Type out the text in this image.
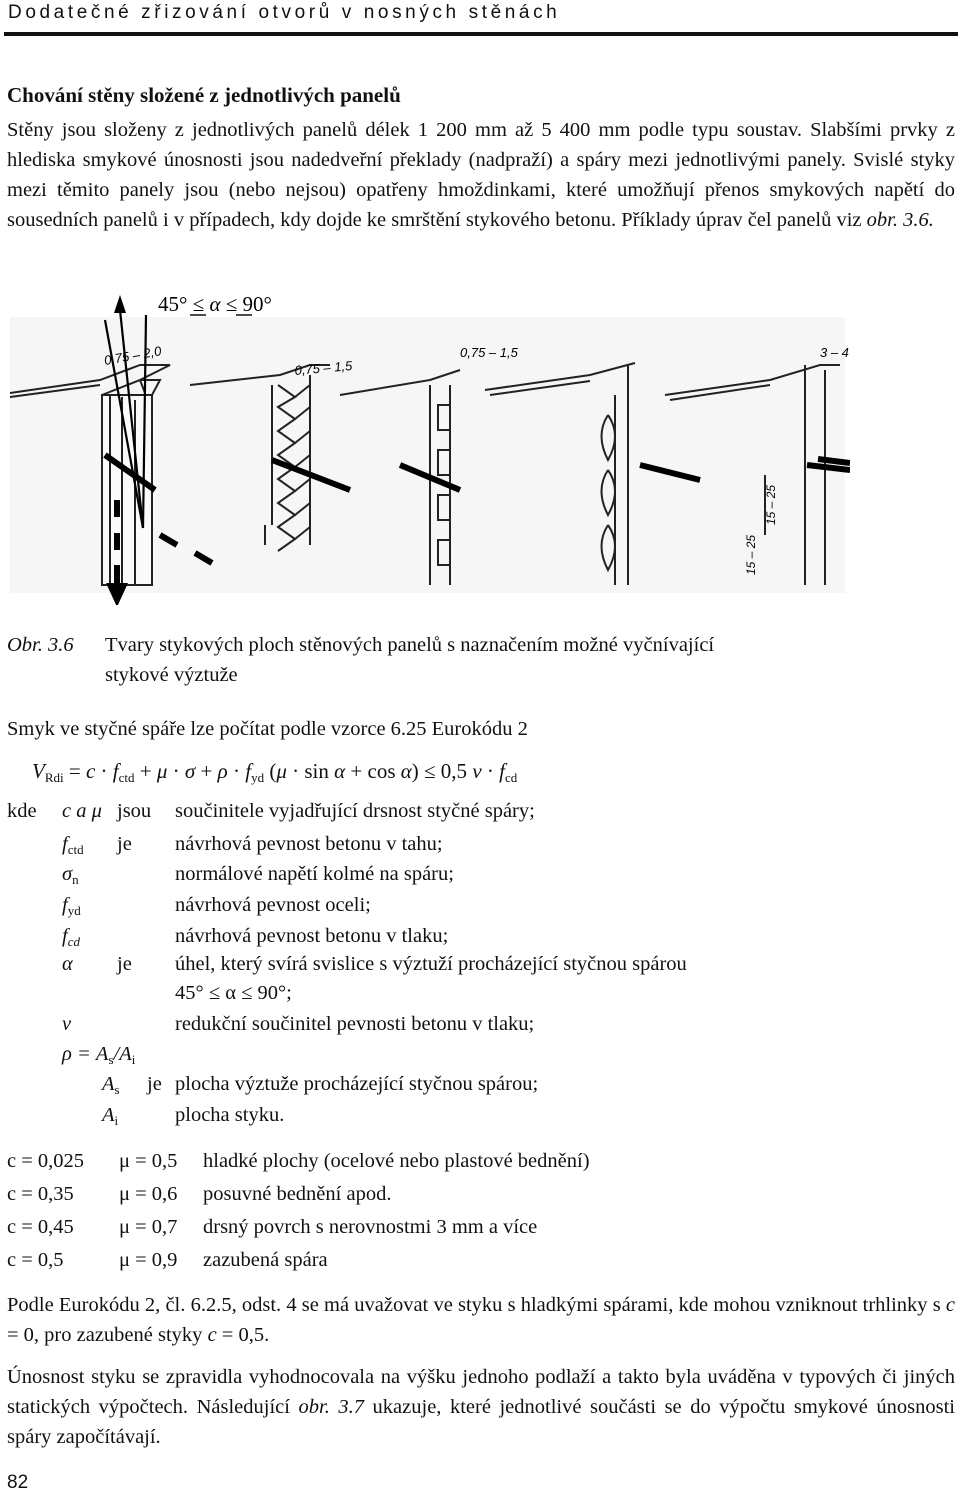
Dodatečné zřizování otvorů v nosných stěnách
Chování stěny složené z jednotlivých panelů
Stěny jsou složeny z jednotlivých panelů délek 1 200 mm až 5 400 mm podle typu soustav. Slabšími prvky z hlediska smykové únosnosti jsou nadedveřní překlady (nadpraží) a spáry mezi jednotlivými panely. Svislé styky mezi těmito panely jsou (nebo nejsou) opatřeny hmoždinkami, které umožňují přenos smykových napětí do sousedních panelů i v případech, kdy dojde ke smrštění stykového betonu. Příklady úprav čel panelů viz obr. 3.6.
45° ≤ α ≤ 90°
0,75 – 2,0
0,75 – 1,5
0,75 – 1,5	3 – 4
15 – 25
15 – 25
Obr. 3.6 Tvary stykových ploch stěnových panelů s naznačením možné vyčnívající
stykové výztuže
Smyk ve styčné spáře lze počítat podle vzorce 6.25 Eurokódu 2
$V_{Rdi} = c \cdot f_{ctd} + \mu \cdot \sigma + \rho \cdot f_{yd}$ (μ · sin α + cos α) ≤ 0,5 $\nu \cdot f_{cd}$
kde c a μ jsou součinitele vyjadřující drsnost styčné spáry;
$f_{ctd}$ je návrhová pevnost betonu v tahu;
$\sigma_n$	normálové napětí kolmé na spáru;
$f_{yd}$	návrhová pevnost oceli;
$f_{cd}$	návrhová pevnost betonu v tlaku;
α je úhel, který svírá svislice s výztuží procházející styčnou spárou
45° ≤ α ≤ 90°;
ν	redukční součinitel pevnosti betonu v tlaku;
$\rho = A_s/A_i$
$A_s$ je plocha výztuže procházející styčnou spárou;
$A_i$	plocha styku.
c = 0,025 μ = 0,5 hladké plochy (ocelové nebo plastové bednění)
c = 0,35 μ = 0,6 posuvné bednění apod.
c = 0,45 μ = 0,7 drsný povrch s nerovnostmi 3 mm a více
c = 0,5	μ = 0,9 zazubená spára
Podle Eurokódu 2, čl. 6.2.5, odst. 4 se má uvažovat ve styku s hladkými spárami, kde mohou vzniknout trhlinky s c = 0, pro zazubené styky c = 0,5.
Únosnost styku se zpravidla vyhodnocovala na výšku jednoho podlaží a takto byla uváděna v typových či jiných statických výpočtech. Následující obr. 3.7 ukazuje, které jednotlivé součásti se do výpočtu smykové únosnosti spáry započítávají.
82
